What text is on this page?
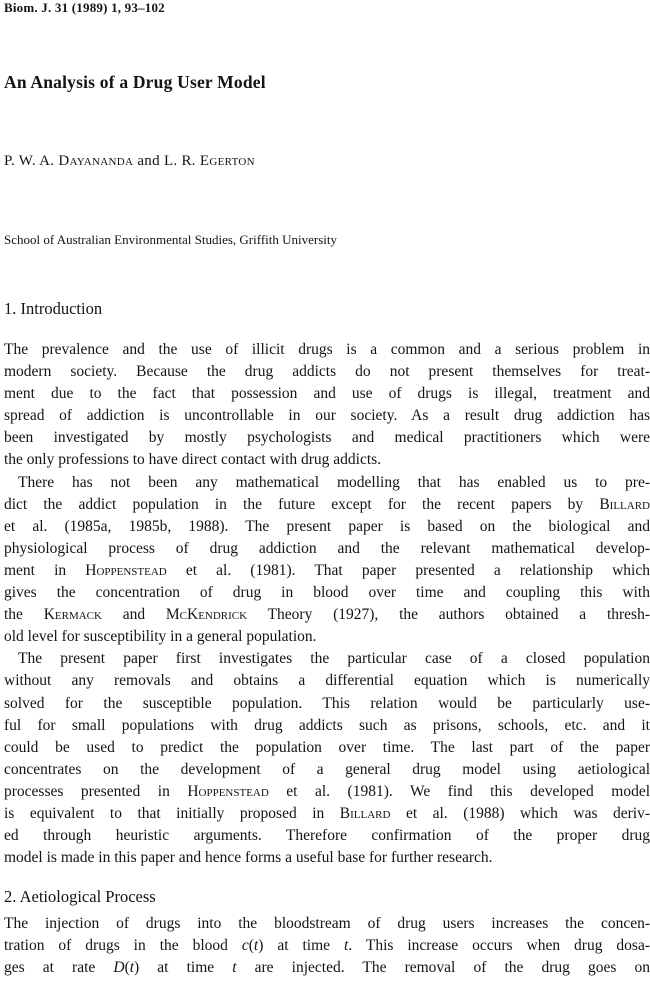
Biom. J. 31 (1989) 1, 93–102
An Analysis of a Drug User Model
P. W. A. Dayananda and L. R. Egerton
School of Australian Environmental Studies, Griffith University
1. Introduction
The prevalence and the use of illicit drugs is a common and a serious problem in
modern society. Because the drug addicts do not present themselves for treat-
ment due to the fact that possession and use of drugs is illegal, treatment and
spread of addiction is uncontrollable in our society. As a result drug addiction has
been investigated by mostly psychologists and medical practitioners which were
the only professions to have direct contact with drug addicts.
There has not been any mathematical modelling that has enabled us to pre-
dict the addict population in the future except for the recent papers by Billard
et al. (1985a, 1985b, 1988). The present paper is based on the biological and
physiological process of drug addiction and the relevant mathematical develop-
ment in Hoppenstead et al. (1981). That paper presented a relationship which
gives the concentration of drug in blood over time and coupling this with
the Kermack and McKendrick Theory (1927), the authors obtained a thresh-
old level for susceptibility in a general population.
The present paper first investigates the particular case of a closed population
without any removals and obtains a differential equation which is numerically
solved for the susceptible population. This relation would be particularly use-
ful for small populations with drug addicts such as prisons, schools, etc. and it
could be used to predict the population over time. The last part of the paper
concentrates on the development of a general drug model using aetiological
processes presented in Hoppenstead et al. (1981). We find this developed model
is equivalent to that initially proposed in Billard et al. (1988) which was deriv-
ed through heuristic arguments. Therefore confirmation of the proper drug
model is made in this paper and hence forms a useful base for further research.
2. Aetiological Process
The injection of drugs into the bloodstream of drug users increases the concen-
tration of drugs in the blood c(t) at time t. This increase occurs when drug dosa-
ges at rate D(t) at time t are injected. The removal of the drug goes on
